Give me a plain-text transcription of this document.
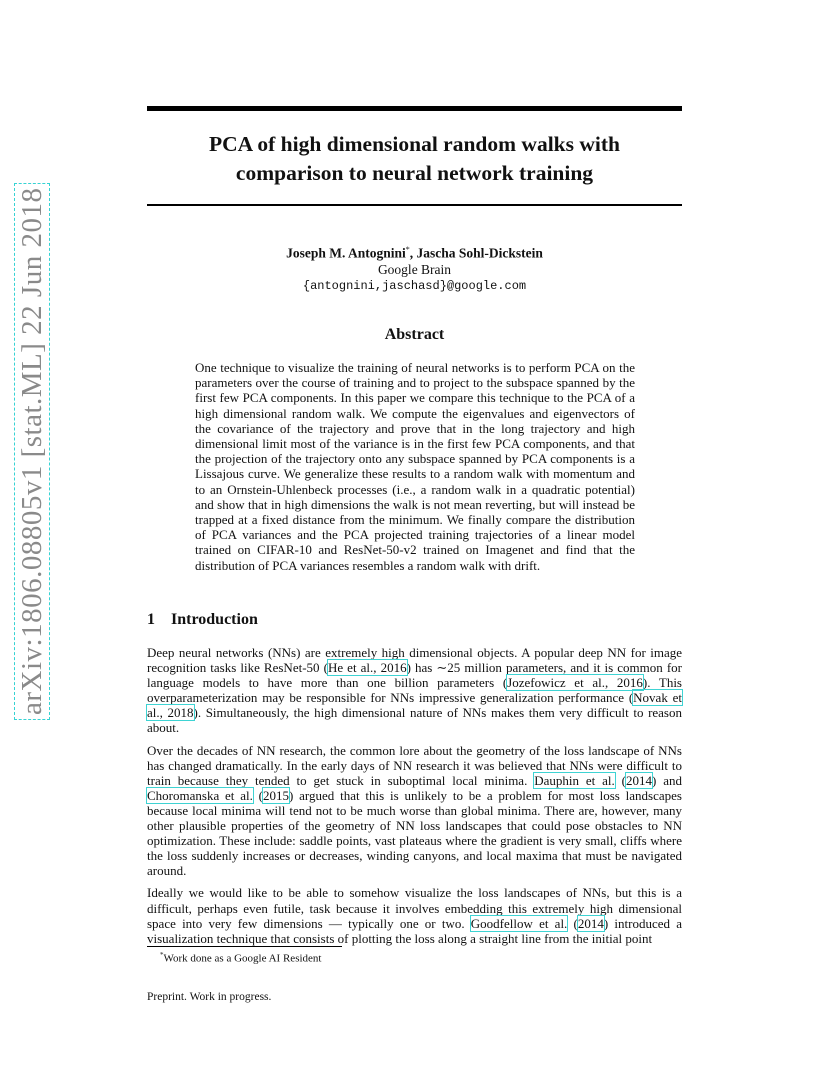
arXiv:1806.08805v1 [stat.ML] 22 Jun 2018
PCA of high dimensional random walks with
comparison to neural network training
Joseph M. Antognini*, Jascha Sohl-Dickstein
Google Brain
{antognini,jaschasd}@google.com
Abstract
One technique to visualize the training of neural networks is to perform PCA on the parameters over the course of training and to project to the subspace spanned by the first few PCA components. In this paper we compare this technique to the PCA of a high dimensional random walk. We compute the eigenvalues and eigenvectors of the covariance of the trajectory and prove that in the long trajectory and high dimensional limit most of the variance is in the first few PCA components, and that the projection of the trajectory onto any subspace spanned by PCA components is a Lissajous curve. We generalize these results to a random walk with momentum and to an Ornstein-Uhlenbeck processes (i.e., a random walk in a quadratic potential) and show that in high dimensions the walk is not mean reverting, but will instead be trapped at a fixed distance from the minimum. We finally compare the distribution of PCA variances and the PCA projected training trajectories of a linear model trained on CIFAR-10 and ResNet-50-v2 trained on Imagenet and find that the distribution of PCA variances resembles a random walk with drift.
1 Introduction

Deep neural networks (NNs) are extremely high dimensional objects. A popular deep NN for image recognition tasks like ResNet-50 (He et al., 2016) has ∼25 million parameters, and it is common for language models to have more than one billion parameters (Jozefowicz et al., 2016). This overparameterization may be responsible for NNs impressive generalization performance (Novak et al., 2018). Simultaneously, the high dimensional nature of NNs makes them very difficult to reason about.

Over the decades of NN research, the common lore about the geometry of the loss landscape of NNs has changed dramatically. In the early days of NN research it was believed that NNs were difficult to train because they tended to get stuck in suboptimal local minima. Dauphin et al. (2014) and Choromanska et al. (2015) argued that this is unlikely to be a problem for most loss landscapes because local minima will tend not to be much worse than global minima. There are, however, many other plausible properties of the geometry of NN loss landscapes that could pose obstacles to NN optimization. These include: saddle points, vast plateaus where the gradient is very small, cliffs where the loss suddenly increases or decreases, winding canyons, and local maxima that must be navigated around.

Ideally we would like to be able to somehow visualize the loss landscapes of NNs, but this is a difficult, perhaps even futile, task because it involves embedding this extremely high dimensional space into very few dimensions — typically one or two. Goodfellow et al. (2014) introduced a visualization technique that consists of plotting the loss along a straight line from the initial point

*Work done as a Google AI Resident
Preprint. Work in progress.
